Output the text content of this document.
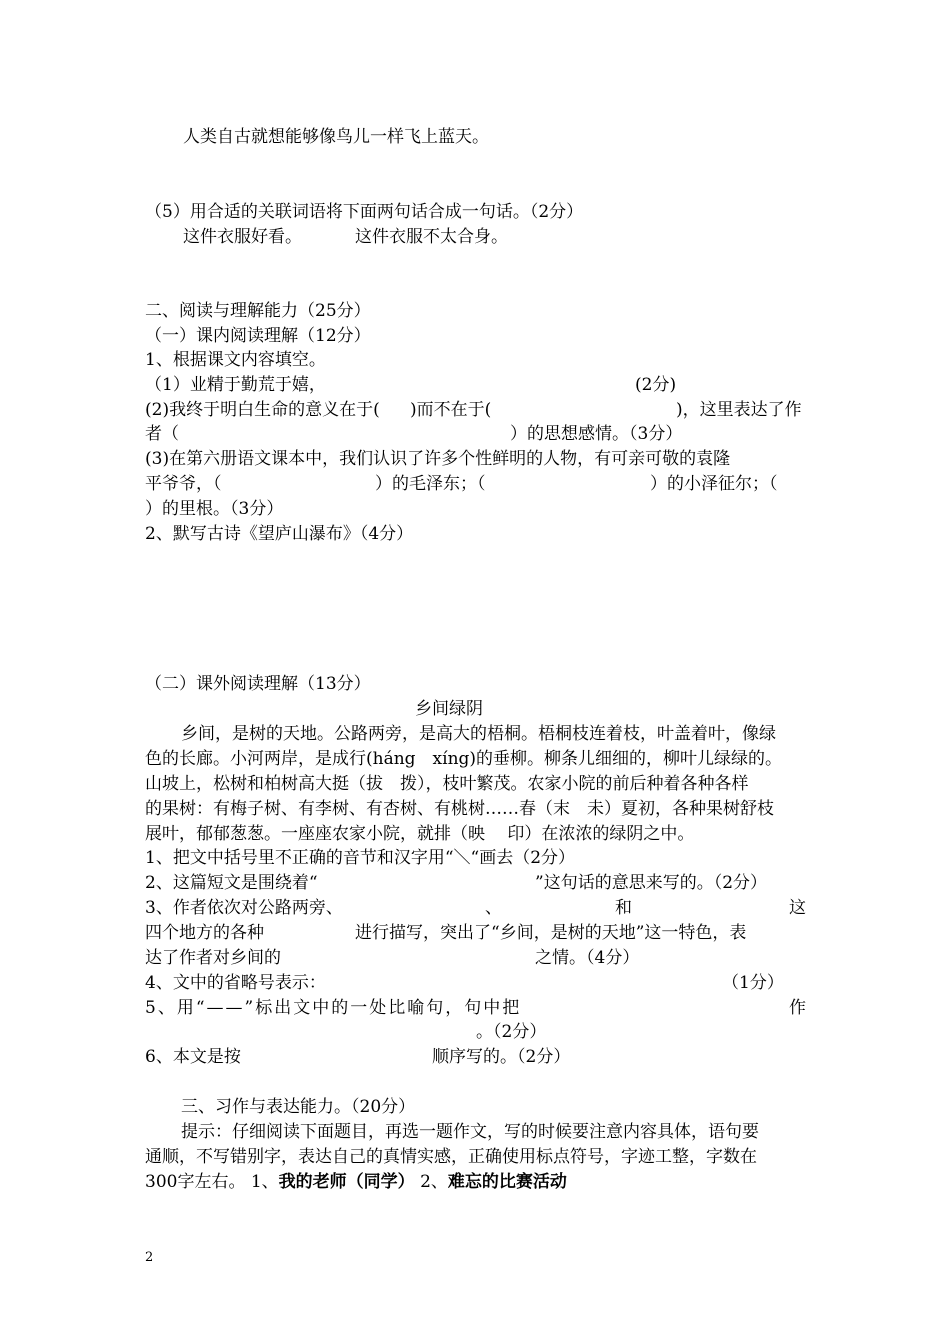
人类自古就想能够像鸟儿一样飞上蓝天。
（5）用合适的关联词语将下面两句话合成一句话。（2分）
这件衣服好看。	这件衣服不太合身。
二、阅读与理解能力（25分）
（一）课内阅读理解（12分）
1、根据课文内容填空。
（1）业精于勤荒于嬉，	(2分)
(2)我终于明白生命的意义在于( )而不在于(	)，这里表达了作
者（	）的思想感情。（3分）
(3)在第六册语文课本中，我们认识了许多个性鲜明的人物，有可亲可敬的袁隆
平爷爷，（	）的毛泽东；（	）的小泽征尔；（
）的里根。（3分）
2、默写古诗《望庐山瀑布》（4分）
（二）课外阅读理解（13分）
乡间绿阴
乡间，是树的天地。公路两旁，是高大的梧桐。梧桐枝连着枝，叶盖着叶，像绿
色的长廊。小河两岸，是成行(háng　xíng)的垂柳。柳条儿细细的，柳叶儿绿绿的。
山坡上，松树和柏树高大挺（拔　拨），枝叶繁茂。农家小院的前后种着各种各样
的果树：有梅子树、有李树、有杏树、有桃树……春（末　未）夏初，各种果树舒枝
展叶，郁郁葱葱。一座座农家小院，就排（映　 印）在浓浓的绿阴之中。
1、把文中括号里不正确的音节和汉字用“＼“画去（2分）
2、这篇短文是围绕着“	”这句话的意思来写的。（2分）
3、作者依次对公路两旁、	、	和	这
四个地方的各种	进行描写，突出了“乡间，是树的天地”这一特色，表
达了作者对乡间的	之情。（4分）
4、文中的省略号表示：	（1分）
5、用“——”标出文中的一处比喻句，句中把	作
。（2分）
6、本文是按	顺序写的。（2分）
三、习作与表达能力。（20分）
提示：仔细阅读下面题目，再选一题作文，写的时候要注意内容具体，语句要
通顺，不写错别字，表达自己的真情实感，正确使用标点符号，字迹工整，字数在
300字左右。 1、我的老师（同学） 2、难忘的比赛活动
2
